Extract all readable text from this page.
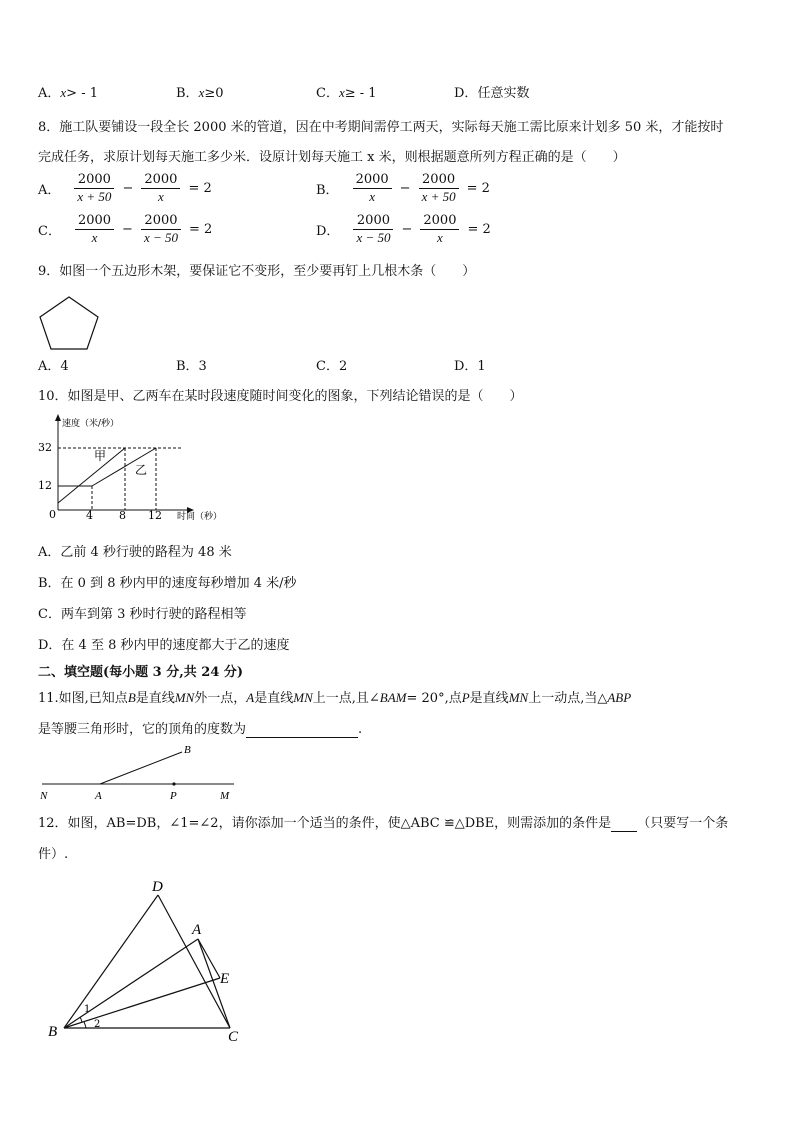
A．x> - 1	B．x≥0	C．x≥ - 1	D．任意实数
8．施工队要铺设一段全长 2000 米的管道，因在中考期间需停工两天，实际每天施工需比原来计划多 50 米，才能按时
完成任务，求原计划每天施工多少米．设原计划每天施工 x 米，则根据题意所列方程正确的是（　　）
A． $\frac{2000}{x + 50} - \frac{2000}{x} = 2$	B． $\frac{2000}{x} - \frac{2000}{x + 50} = 2$
C． $\frac{2000}{x} - \frac{2000}{x - 50} = 2$	D． $\frac{2000}{x - 50} - \frac{2000}{x} = 2$
9．如图一个五边形木架，要保证它不变形，至少要再钉上几根木条（　　）
A．4	B．3	C．2	D．1
10．如图是甲、乙两车在某时段速度随时间变化的图象，下列结论错误的是（　　）
速度（米/秒）
时间（秒）
32
12
0	4 8 12
甲
乙
A．乙前 4 秒行驶的路程为 48 米
B．在 0 到 8 秒内甲的速度每秒增加 4 米/秒
C．两车到第 3 秒时行驶的路程相等
D．在 4 至 8 秒内甲的速度都大于乙的速度
二、填空题(每小题 3 分,共 24 分)
11.如图,已知点B是直线MN外一点，A是直线MN上一点,且∠BAM= 20°,点P是直线MN上一动点,当△ABP
是等腰三角形时，它的顶角的度数为	.
B
N	A	P	M
12．如图，AB=DB，∠1=∠2，请你添加一个适当的条件，使△ABC ≌△DBE，则需添加的条件是 （只要写一个条
件）.
D
A
E
B	C
1
2
